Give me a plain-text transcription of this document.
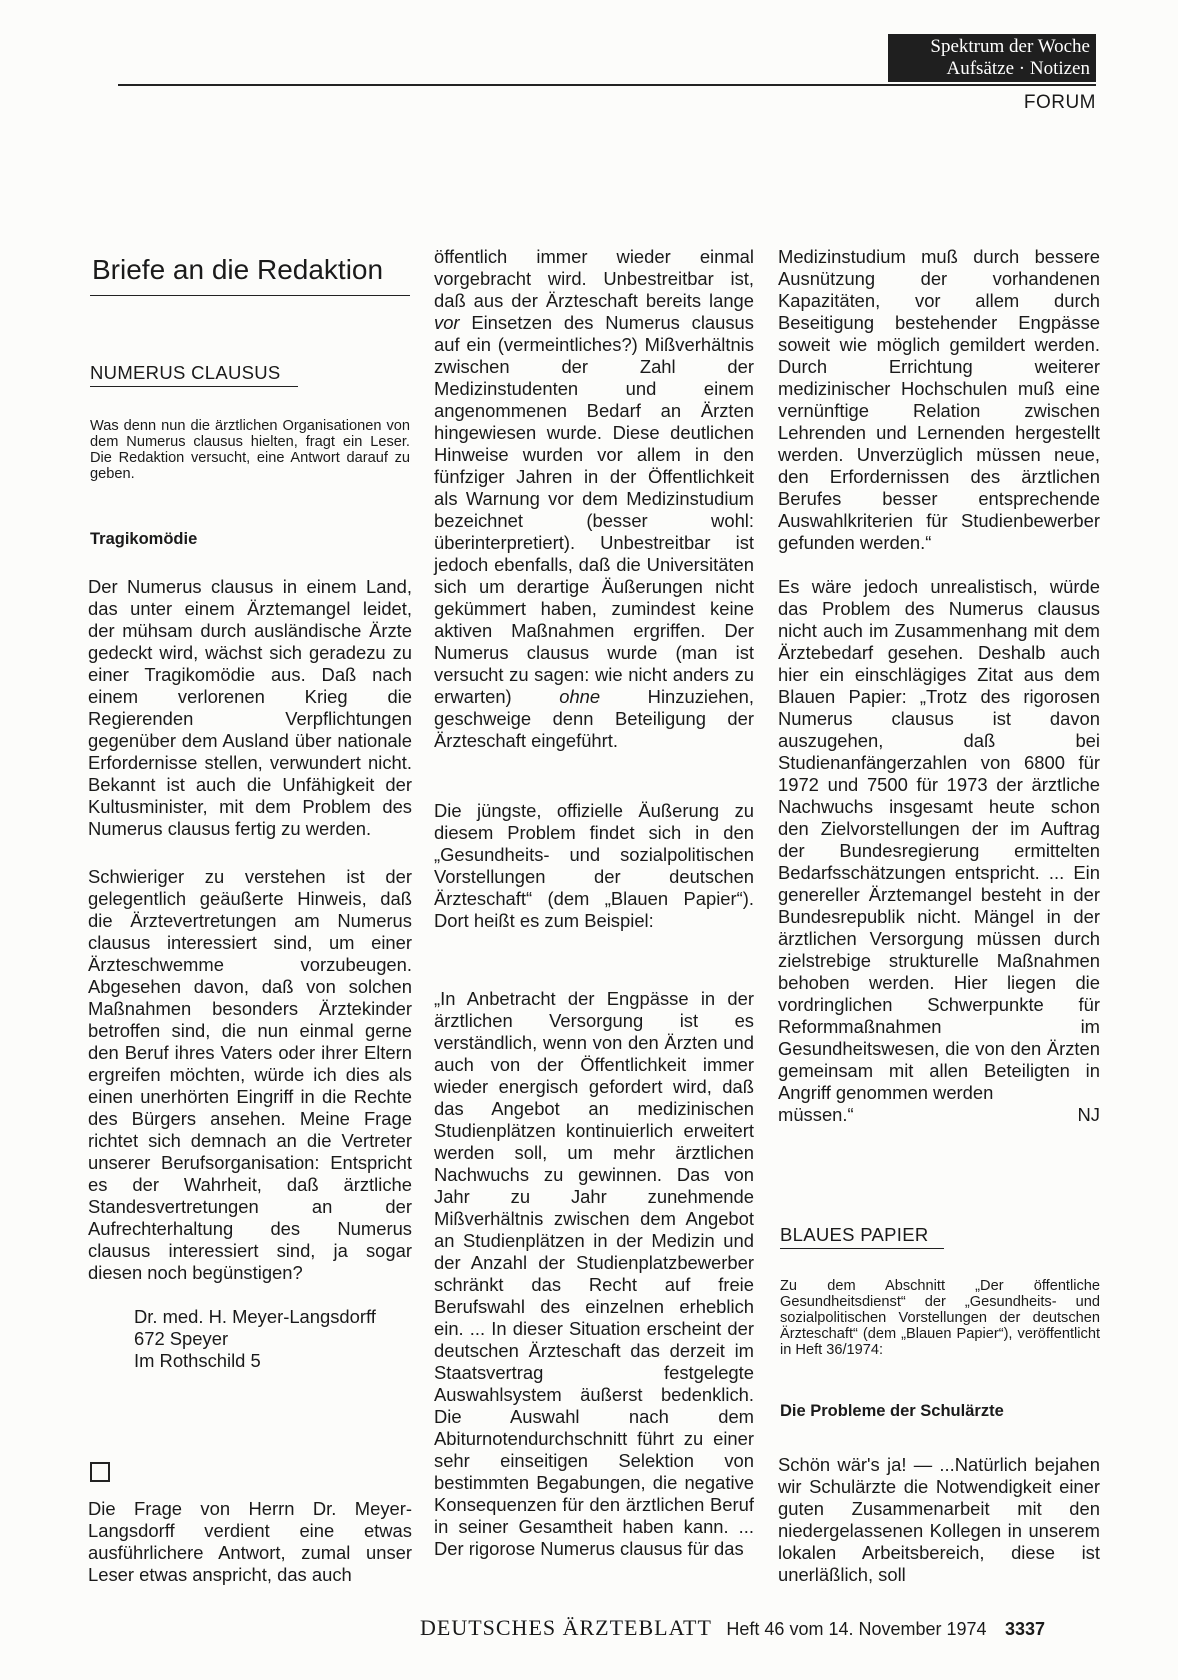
Spektrum der Woche
Aufsätze · Notizen
FORUM
Briefe an die Redaktion
NUMERUS CLAUSUS
Was denn nun die ärztlichen Organisationen von dem Numerus clausus hielten, fragt ein Leser. Die Redaktion versucht, eine Antwort darauf zu geben.
Tragikomödie

Der Numerus clausus in einem Land, das unter einem Ärztemangel leidet, der mühsam durch ausländische Ärzte gedeckt wird, wächst sich geradezu zu einer Tragikomödie aus. Daß nach einem verlorenen Krieg die Regierenden Verpflichtungen gegenüber dem Ausland über nationale Erfordernisse stellen, verwundert nicht. Bekannt ist auch die Unfähigkeit der Kultusminister, mit dem Problem des Numerus clausus fertig zu werden.

Schwieriger zu verstehen ist der gelegentlich geäußerte Hinweis, daß die Ärztevertretungen am Numerus clausus interessiert sind, um einer Ärzteschwemme vorzubeugen. Abgesehen davon, daß von solchen Maßnahmen besonders Ärztekinder betroffen sind, die nun einmal gerne den Beruf ihres Vaters oder ihrer Eltern ergreifen möchten, würde ich dies als einen unerhörten Eingriff in die Rechte des Bürgers ansehen. Meine Frage richtet sich demnach an die Vertreter unserer Berufsorganisation: Entspricht es der Wahrheit, daß ärztliche Standesvertretungen an der Aufrechterhaltung des Numerus clausus interessiert sind, ja sogar diesen noch begünstigen?

Dr. med. H. Meyer-Langsdorff
672 Speyer
Im Rothschild 5

Die Frage von Herrn Dr. Meyer-Langsdorff verdient eine etwas ausführlichere Antwort, zumal unser Leser etwas anspricht, das auch

öffentlich immer wieder einmal vorgebracht wird. Unbestreitbar ist, daß aus der Ärzteschaft bereits lange vor Einsetzen des Numerus clausus auf ein (vermeintliches?) Mißverhältnis zwischen der Zahl der Medizinstudenten und einem angenommenen Bedarf an Ärzten hingewiesen wurde. Diese deutlichen Hinweise wurden vor allem in den fünfziger Jahren in der Öffentlichkeit als Warnung vor dem Medizinstudium bezeichnet (besser wohl: überinterpretiert). Unbestreitbar ist jedoch ebenfalls, daß die Universitäten sich um derartige Äußerungen nicht gekümmert haben, zumindest keine aktiven Maßnahmen ergriffen. Der Numerus clausus wurde (man ist versucht zu sagen: wie nicht anders zu erwarten)	ohne	Hinzuziehen, geschweige denn Beteiligung der Ärzteschaft eingeführt.

Die jüngste, offizielle Äußerung zu diesem Problem findet sich in den „Gesundheits- und sozialpolitischen Vorstellungen der deutschen Ärzteschaft“ (dem „Blauen Papier“). Dort heißt es zum Beispiel:

„In Anbetracht der Engpässe in der ärztlichen Versorgung ist es verständlich, wenn von den Ärzten und auch von der Öffentlichkeit immer wieder energisch gefordert wird, daß das Angebot an medizinischen Studienplätzen kontinuierlich erweitert werden soll, um mehr ärztlichen Nachwuchs zu gewinnen. Das von Jahr zu Jahr zunehmende Mißverhältnis zwischen dem Angebot an Studienplätzen in der Medizin und der Anzahl der Studienplatzbewerber schränkt das Recht auf freie Berufswahl des einzelnen erheblich ein. ... In dieser Situation erscheint der deutschen Ärzteschaft das derzeit im Staatsvertrag festgelegte Auswahlsystem äußerst bedenklich. Die Auswahl nach dem Abiturnotendurchschnitt führt zu einer sehr einseitigen Selektion von bestimmten Begabungen, die negative Konsequenzen für den ärztlichen Beruf in seiner Gesamtheit haben kann. ... Der rigorose Numerus clausus für das

Medizinstudium muß durch bessere Ausnützung der vorhandenen Kapazitäten, vor allem durch Beseitigung bestehender Engpässe soweit wie möglich gemildert werden. Durch Errichtung weiterer medizinischer Hochschulen muß eine vernünftige Relation zwischen Lehrenden und Lernenden hergestellt werden. Unverzüglich müssen neue, den Erfordernissen des ärztlichen Berufes besser entsprechende Auswahlkriterien für Studienbewerber gefunden werden.“

Es wäre jedoch unrealistisch, würde das Problem des Numerus clausus nicht auch im Zusammenhang mit dem Ärztebedarf gesehen. Deshalb auch hier ein einschlägiges Zitat aus dem Blauen Papier: „Trotz des rigorosen Numerus clausus ist davon auszugehen, daß bei Studienanfängerzahlen von 6800 für 1972 und 7500 für 1973 der ärztliche Nachwuchs insgesamt heute schon den Zielvorstellungen der im Auftrag der Bundesregierung ermittelten Bedarfsschätzungen entspricht. ... Ein genereller Ärztemangel besteht in der Bundesrepublik nicht. Mängel in der ärztlichen Versorgung müssen durch zielstrebige strukturelle Maßnahmen behoben werden. Hier liegen die vordringlichen Schwerpunkte für Reformmaßnahmen im Gesundheitswesen, die von den Ärzten gemeinsam mit allen Beteiligten in Angriff genommen werden

müssen.“	NJ
BLAUES PAPIER
Zu dem Abschnitt „Der öffentliche Gesundheitsdienst“ der „Gesundheits- und sozialpolitischen Vorstellungen der deutschen Ärzteschaft“ (dem „Blauen Papier“), veröffentlicht in Heft 36/1974:
Die Probleme der Schulärzte

Schön wär's ja! — ...Natürlich bejahen wir Schulärzte die Notwendigkeit einer guten Zusammenarbeit mit den niedergelassenen Kollegen in unserem lokalen Arbeitsbereich, diese ist unerläßlich, soll

DEUTSCHES ÄRZTEBLATT Heft 46 vom 14. November 1974 3337
